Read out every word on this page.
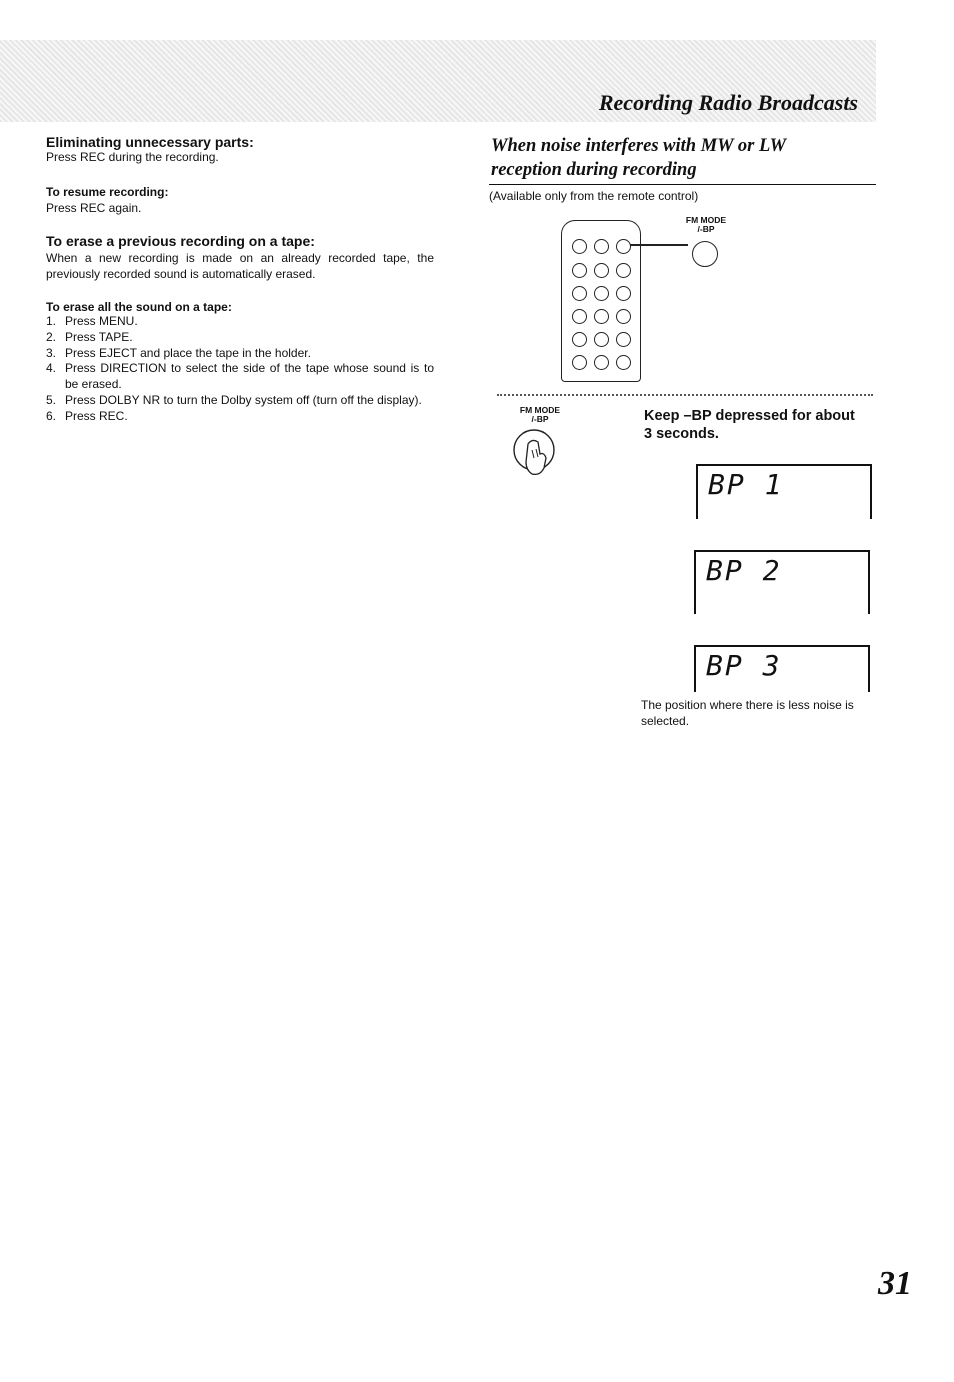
Recording Radio Broadcasts

Eliminating unnecessary parts:

Press REC during the recording.

To resume recording:

Press REC again.

To erase a previous recording on a tape:

When a new recording is made on an already recorded tape, the previously recorded sound is automatically erased.

To erase all the sound on a tape:

1. Press MENU.
2. Press TAPE.
3. Press EJECT and place the tape in the holder.
4. Press DIRECTION to select the side of the tape whose sound is to be erased.
5. Press DOLBY NR to turn the Dolby system off (turn off the display).
6. Press REC.
When noise interferes with MW or LW
reception during recording
(Available only from the remote control)
FM MODE
/-BP
FM MODE
/-BP	Keep –BP depressed for about
3 seconds.
BP 1
BP 2
BP 3
The position where there is less noise is selected.
31
